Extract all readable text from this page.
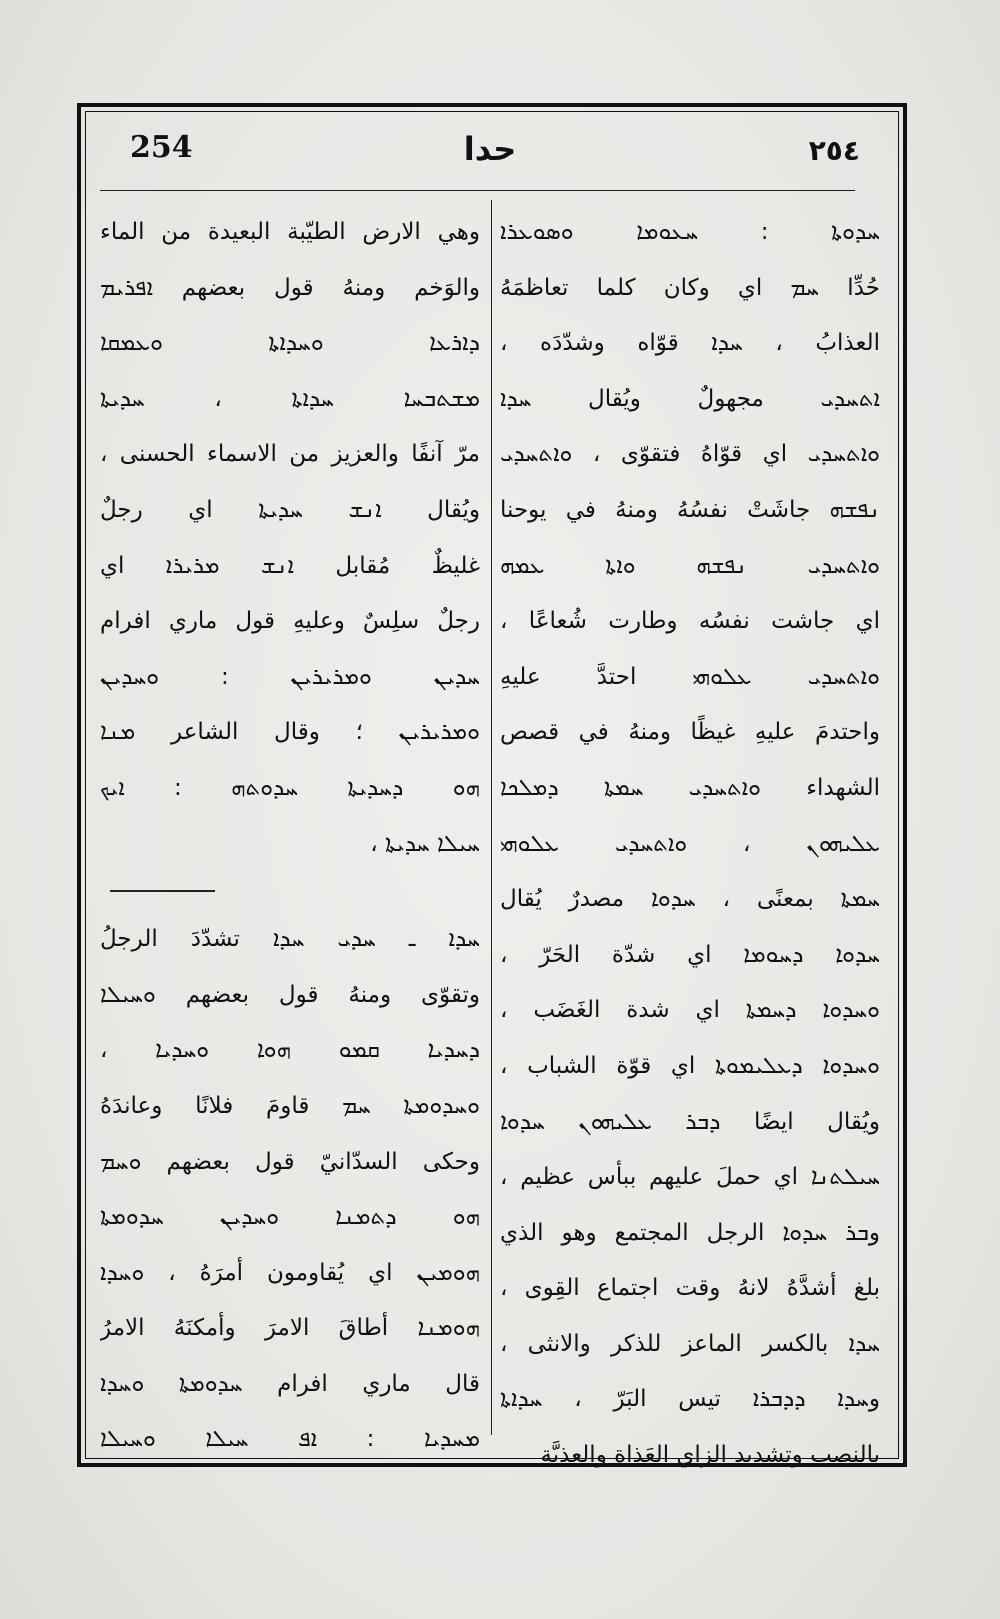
254	حدا	٢٥٤
ܚܕܘܬܐ : ܚܥܘܡܐ ܘܣܘܥܪܐ
حُدِّا ܚܡ اي وكان كلما تعاظمَهُ
العذابُ ، ܚܕܐ قوّاه وشدّدَه ،
ܐܬܚܕܝ مجهولٌ ويُقال ܚܕܐ
ܘܐܬܚܕܝ اي قوّاهُ فتقوّى ، ܘܐܬܚܕܝ
ܢܦܫܗ جاشَتْ نفسُهُ ومنهُ في يوحنا
ܘܐܬܚܕܝ ܢܦܫܗ ܘܐܬܐ ܥܡܗ
اي جاشت نفسُه وطارت شُعاعًا ،
ܘܐܬܚܕܝ ܥܠܘܗܝ احتدَّ عليهِ
واحتدمَ عليهِ غيظًا ومنهُ في قصص
الشهداء ܘܐܬܚܕܝ ܚܡܬܐ ܕܡܠܟܐ
ܥܠܝܗܘܢ ، ܘܐܬܚܕܝ ܥܠܘܗܝ
ܚܡܬܐ بمعنًى ، ܚܕܘܐ مصدرٌ يُقال
ܚܕܘܐ ܕܚܘܡܐ اي شدّة الحَرّ ،
ܘܚܕܘܐ ܕܚܡܬܐ اي شدة الغَضَب ،
ܘܚܕܘܐ ܕܥܠܝܡܘܬܐ اي قوّة الشباب ،
ويُقال ايضًا ܕܒܪ ܥܠܝܗܘܢ ܚܕܘܐ
ܚܝܠܬܢܐ اي حملَ عليهم ببأس عظيم ،
وܒܪ ܚܕܘܐ الرجل المجتمع وهو الذي
بلغ أشدَّهُ لانهُ وقت اجتماع القِوى ،
ܚܕܐ بالكسر الماعز للذكر والانثى ،
وܚܕܐ ܕܕܒܪܐ تيس البَرّ ، ܚܕܐܬܐ
بالنصب وتشديد الزاي العَذاة والعذيَّة
وهي الارض الطيّبة البعيدة من الماء
والوَخم ومنهُ قول بعضهم ܐܦܪܝܡ
ܕܐܪܥܐ ܘܚܕܐܬܐ ܘܥܡܩܐ
ܡܫܬܒܚܐ ܚܕܐܬܐ ، ܚܕܝܬܐ
مرّ آنفًا والعزيز من الاسماء الحسنى ،
ويُقال ܐܢܫ ܚܕܝܬܐ اي رجلٌ
غليظٌ مُقابل ܐܢܫ ܡܪܝܪܐ اي
رجلٌ سلِسٌ وعليهِ قول ماري افرام
ܚܕܝܢ ܘܡܪܝܪܝܢ : ܘܚܕܝܢ
ܘܡܪܝܪܝܢ ؛ وقال الشاعر ܡܢܐ
ܗܘ ܕܚܕܝܬܐ ܚܕܘܬܗ : ܐܝܟ
ܚܝܠܐ ܚܕܝܬܐ ،
ܚܕܐ ـ ܚܕܝ ܚܕܐ تشدّدَ الرجلُ
وتقوّى ومنهُ قول بعضهم ܘܚܝܠܐ
ܕܚܕܝܐ ܩܡܘ ܗܘܐ ܘܚܕܝܐ ،
ܘܚܕܘܡܬܐ ܚܡ قاومَ فلانًا وعاندَهُ
وحكى السدّانيّ قول بعضهم ܘܚܡ
ܗܘ ܕܬܡܢܐ ܘܚܕܝܢ ܚܕܘܡܬܐ
ܗܘܡܝܢ اي يُقاومون أمرَهُ ، ܘܚܕܐ
ܗܘܡܢܐ أطاقَ الامرَ وأمكنَهُ الامرُ
قال ماري افرام ܚܕܘܡܬܐ ܘܚܕܐ
ܡܚܕܝܐ : ܐܦ ܚܝܠܐ ܘܚܝܠܐ
